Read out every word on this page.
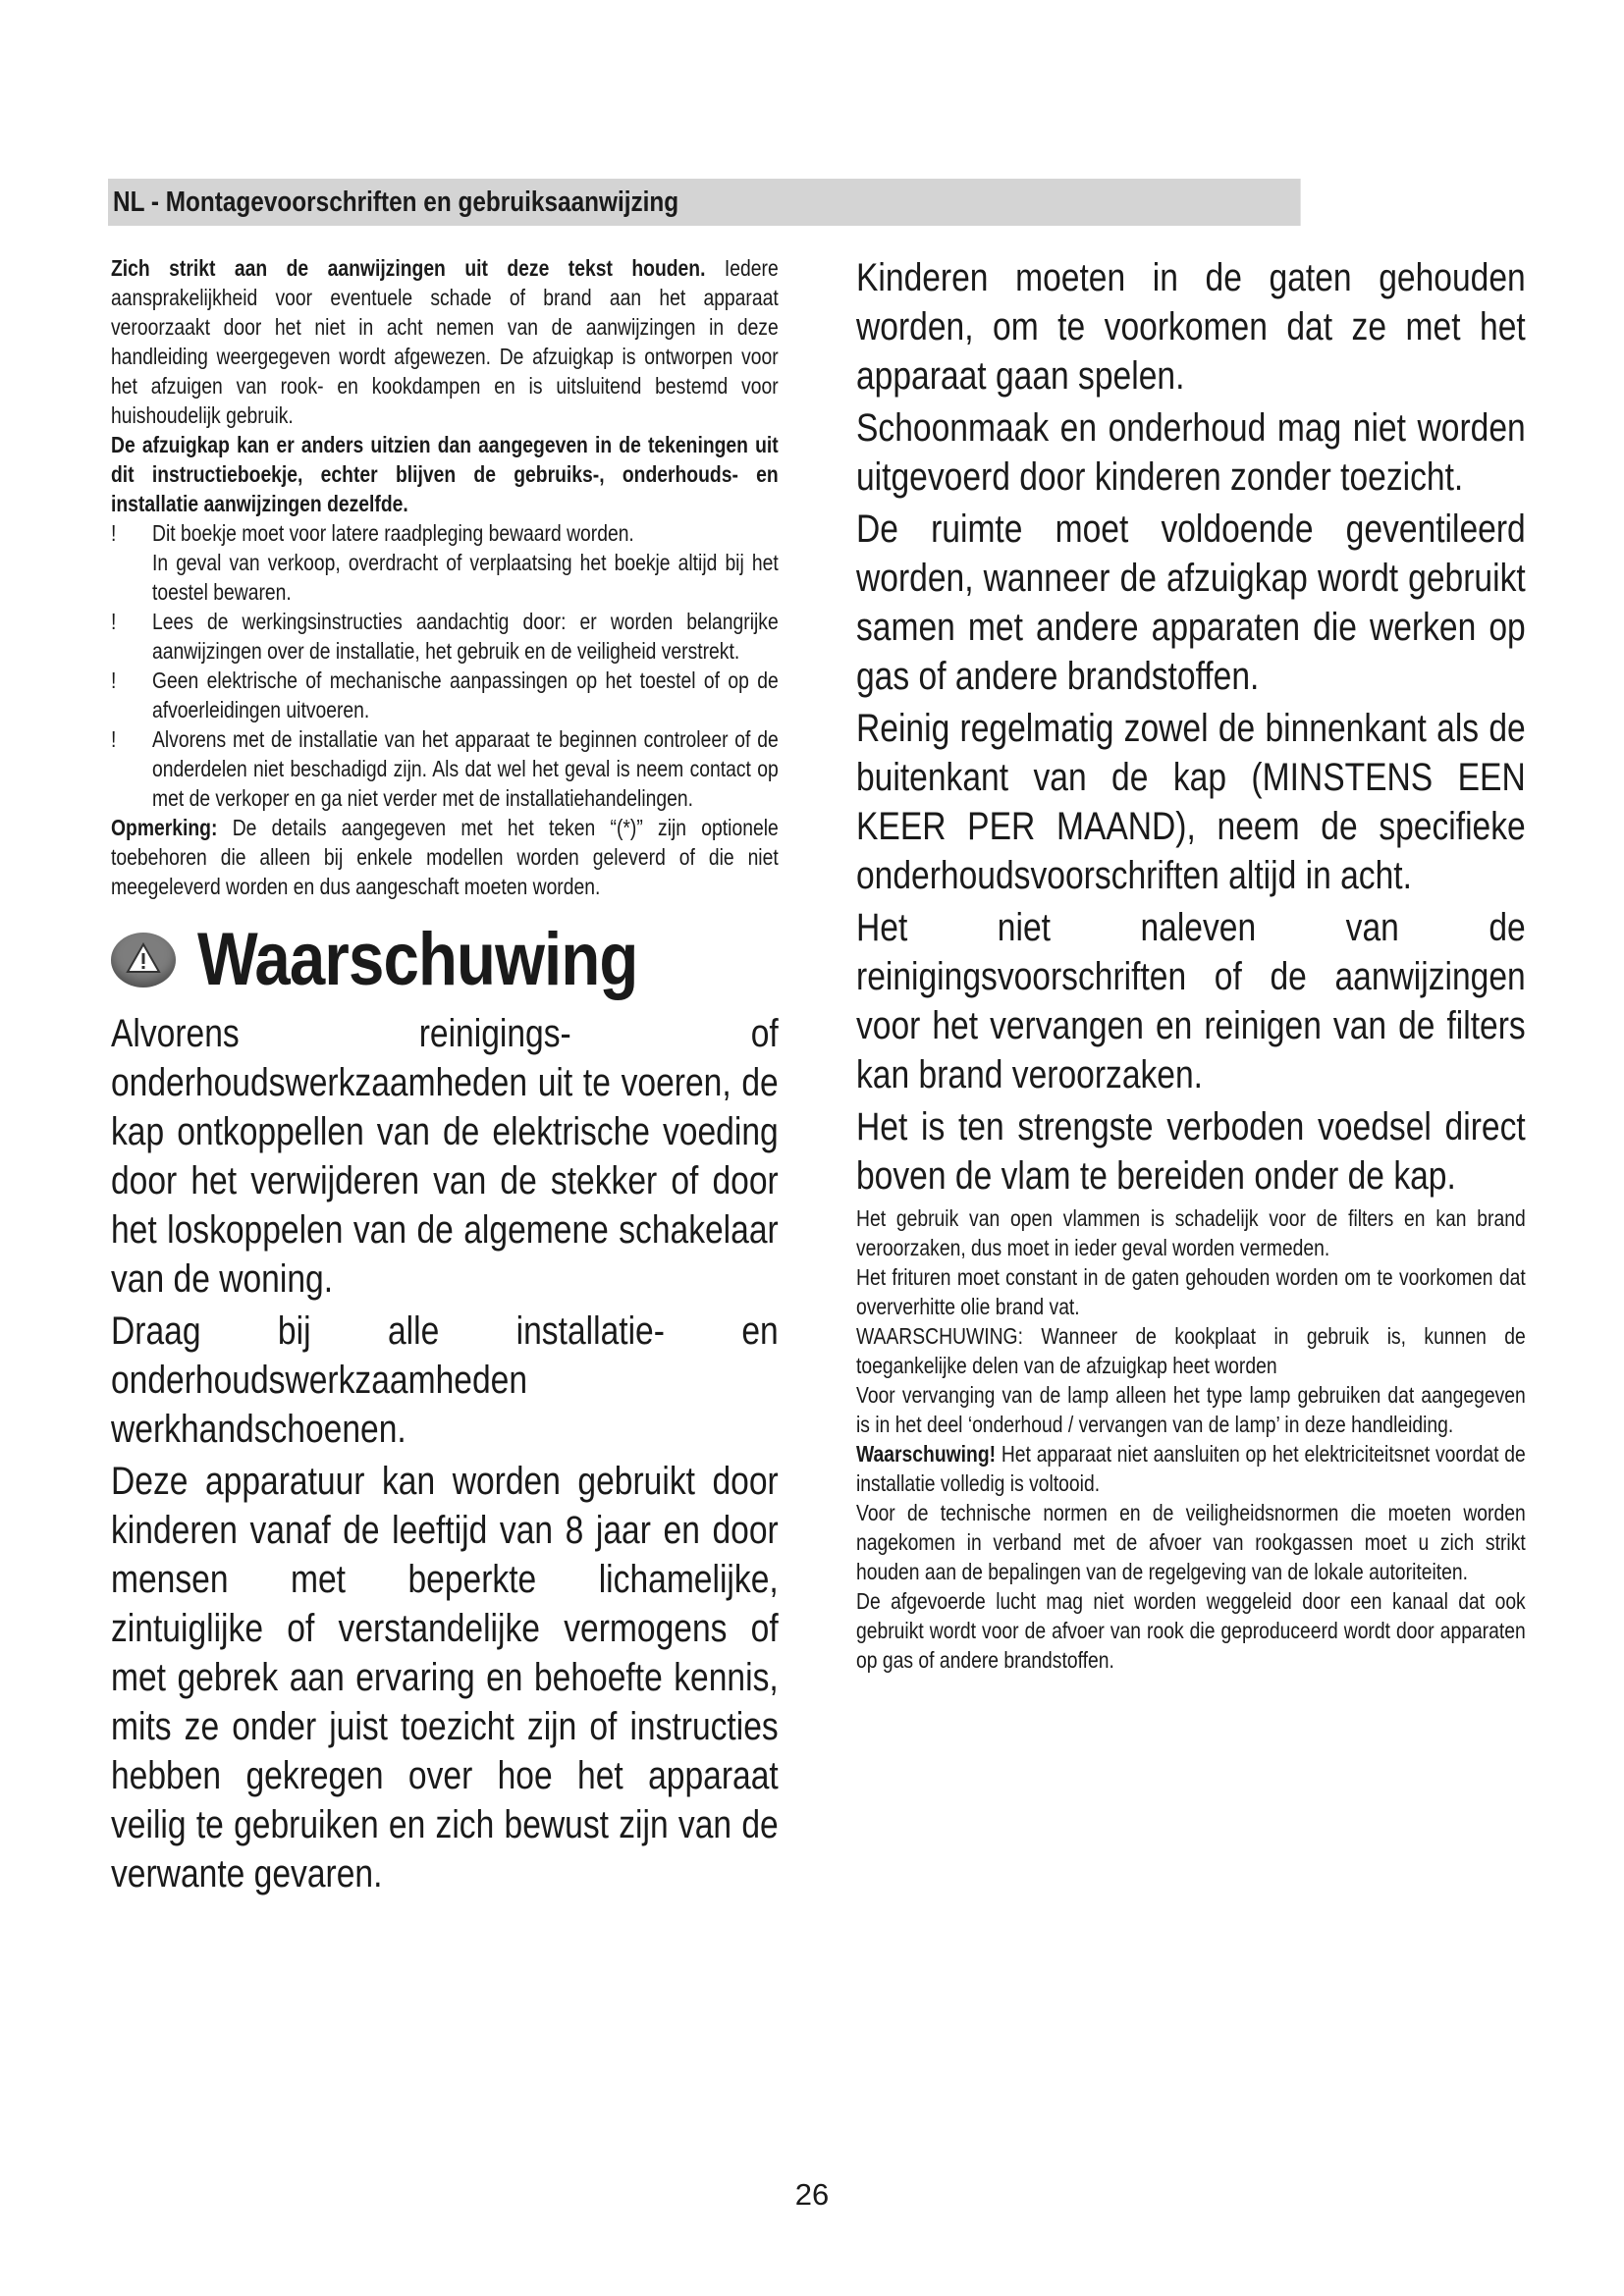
NL - Montagevoorschriften en gebruiksaanwijzing

Zich strikt aan de aanwijzingen uit deze tekst houden. Iedere aansprakelijkheid voor eventuele schade of brand aan het apparaat veroorzaakt door het niet in acht nemen van de aanwijzingen in deze handleiding weergegeven wordt afgewezen. De afzuigkap is ontworpen voor het afzuigen van rook- en kookdampen en is uitsluitend bestemd voor huishoudelijk gebruik.

De afzuigkap kan er anders uitzien dan aangegeven in de tekeningen uit dit instructieboekje, echter blijven de gebruiks-, onderhouds- en installatie aanwijzingen dezelfde.

! Dit boekje moet voor latere raadpleging bewaard worden.

In geval van verkoop, overdracht of verplaatsing het boekje altijd bij het toestel bewaren.

! Lees de werkingsinstructies aandachtig door: er worden belangrijke aanwijzingen over de installatie, het gebruik en de veiligheid verstrekt.

! Geen elektrische of mechanische aanpassingen op het toestel of op de afvoerleidingen uitvoeren.

! Alvorens met de installatie van het apparaat te beginnen controleer of de onderdelen niet beschadigd zijn. Als dat wel het geval is neem contact op met de verkoper en ga niet verder met de installatiehandelingen.

Opmerking: De details aangegeven met het teken “(*)” zijn optionele toebehoren die alleen bij enkele modellen worden geleverd of die niet meegeleverd worden en dus aangeschaft moeten worden.

Waarschuwing

Alvorens reinigings- of onderhoudswerkzaamheden uit te voeren, de kap ontkoppellen van de elektrische voeding door het verwijderen van de stekker of door het loskoppelen van de algemene schakelaar van de woning.

Draag bij alle installatie- en onderhoudswerkzaamheden werkhandschoenen.

Deze apparatuur kan worden gebruikt door kinderen vanaf de leeftijd van 8 jaar en door mensen met beperkte lichamelijke, zintuiglijke of verstandelijke vermogens of met gebrek aan ervaring en behoefte kennis, mits ze onder juist toezicht zijn of instructies hebben gekregen over hoe het apparaat veilig te gebruiken en zich bewust zijn van de verwante gevaren.

Kinderen moeten in de gaten gehouden worden, om te voorkomen dat ze met het apparaat gaan spelen.

Schoonmaak en onderhoud mag niet worden uitgevoerd door kinderen zonder toezicht.

De ruimte moet voldoende geventileerd worden, wanneer de afzuigkap wordt gebruikt samen met andere apparaten die werken op gas of andere brandstoffen.

Reinig regelmatig zowel de binnenkant als de buitenkant van de kap (MINSTENS EEN KEER PER MAAND), neem de specifieke onderhoudsvoorschriften altijd in acht.

Het niet naleven van de reinigingsvoorschriften of de aanwijzingen voor het vervangen en reinigen van de filters kan brand veroorzaken.

Het is ten strengste verboden voedsel direct boven de vlam te bereiden onder de kap.

Het gebruik van open vlammen is schadelijk voor de filters en kan brand veroorzaken, dus moet in ieder geval worden vermeden.

Het frituren moet constant in de gaten gehouden worden om te voorkomen dat oververhitte olie brand vat.

WAARSCHUWING: Wanneer de kookplaat in gebruik is, kunnen de toegankelijke delen van de afzuigkap heet worden

Voor vervanging van de lamp alleen het type lamp gebruiken dat aangegeven is in het deel ‘onderhoud / vervangen van de lamp’ in deze handleiding.

Waarschuwing! Het apparaat niet aansluiten op het elektriciteitsnet voordat de installatie volledig is voltooid.

Voor de technische normen en de veiligheidsnormen die moeten worden nagekomen in verband met de afvoer van rookgassen moet u zich strikt houden aan de bepalingen van de regelgeving van de lokale autoriteiten.

De afgevoerde lucht mag niet worden weggeleid door een kanaal dat ook gebruikt wordt voor de afvoer van rook die geproduceerd wordt door apparaten op gas of andere brandstoffen.

26
